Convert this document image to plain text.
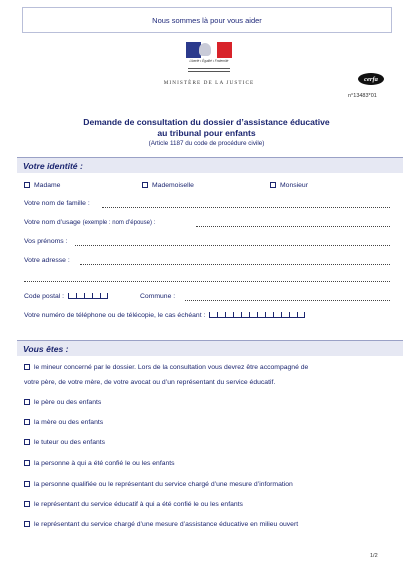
Nous sommes là pour vous aider
Liberté • Égalité • Fraternité
MINISTÈRE DE LA JUSTICE
cerfa
n°13483*01
Demande de consultation du dossier d’assistance éducative
au tribunal pour enfants
(Article 1187 du code de procédure civile)
Votre identité :
Madame	Mademoiselle	Monsieur
Votre nom de famille :
Votre nom d’usage (exemple : nom d’épouse) :
Vos prénoms :
Votre adresse :
Code postal :	Commune :
Votre numéro de téléphone ou de télécopie, le cas échéant :
Vous êtes :
le mineur concerné par le dossier. Lors de la consultation vous devrez être accompagné de
votre père, de votre mère, de votre avocat ou d’un représentant du service éducatif.
le père ou des enfants
la mère ou des enfants
le tuteur ou des enfants
la personne à qui a été confié le ou les enfants
la personne qualifiée ou le représentant du service chargé d’une mesure d’information
le représentant du service éducatif à qui a été confié le ou les enfants
le représentant du service chargé d’une mesure d’assistance éducative en milieu ouvert
1/2
